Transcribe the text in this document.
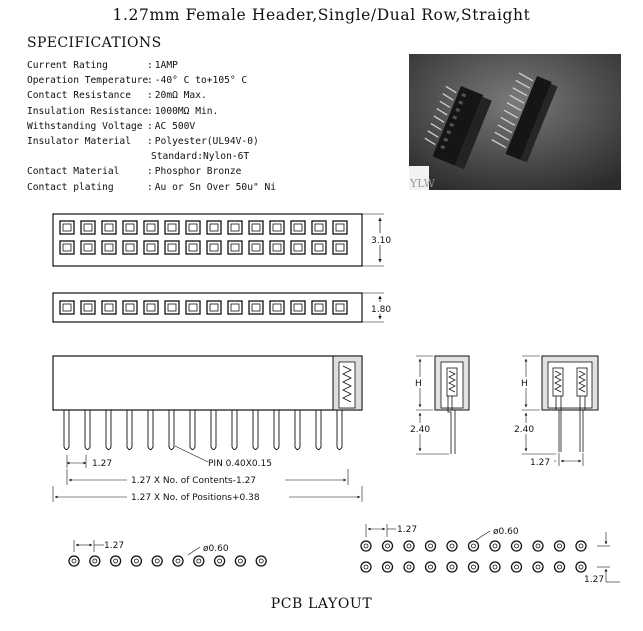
1.27mm Female Header,Single/Dual Row,Straight
SPECIFICATIONS
Current Rating	: 1AMP
Operation Temperature : -40° C to+105° C
Contact Resistance	: 20mΩ Max.
Insulation Resistance : 1000MΩ Min.
Withstanding Voltage	: AC 500V
Insulator Material	: Polyester(UL94V-0)
Standard:Nylon-6T
Contact Material	: Phosphor Bronze
Contact plating	: Au or Sn Over 50u" Ni	YLW
3.10
1.80
1.27	PIN 0.40X0.15
1.27 X No. of Contents-1.27
1.27 X No. of Positions+0.38
H
2.40
H
2.40
1.27
1.27	ø0.60
1.27	ø0.60
1.27
PCB LAYOUT
